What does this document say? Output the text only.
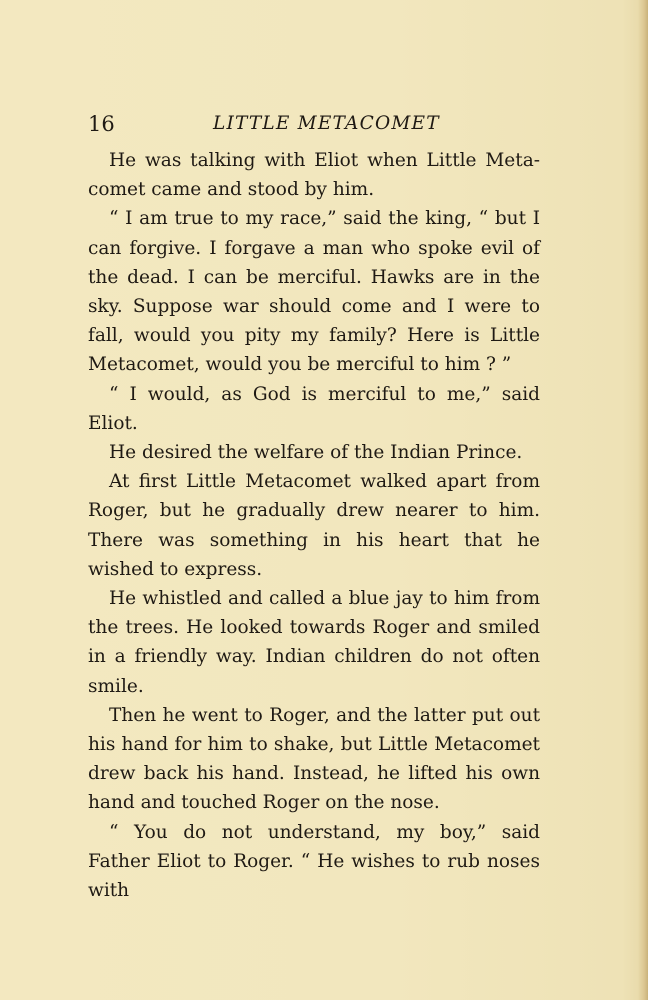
16	LITTLE METACOMET

He was talking with Eliot when Little Metacomet came and stood by him.

“ I am true to my race,” said the king, “ but I can forgive. I forgave a man who spoke evil of the dead. I can be merciful. Hawks are in the sky. Suppose war should come and I were to fall, would you pity my family? Here is Little Metacomet, would you be merciful to him ? ”

“ I would, as God is merciful to me,” said Eliot.

He desired the welfare of the Indian Prince.

At first Little Metacomet walked apart from Roger, but he gradually drew nearer to him. There was something in his heart that he wished to express.

He whistled and called a blue jay to him from the trees. He looked towards Roger and smiled in a friendly way. Indian children do not often smile.

Then he went to Roger, and the latter put out his hand for him to shake, but Little Metacomet drew back his hand. Instead, he lifted his own hand and touched Roger on the nose.

“ You do not understand, my boy,” said Father Eliot to Roger. “ He wishes to rub noses with
